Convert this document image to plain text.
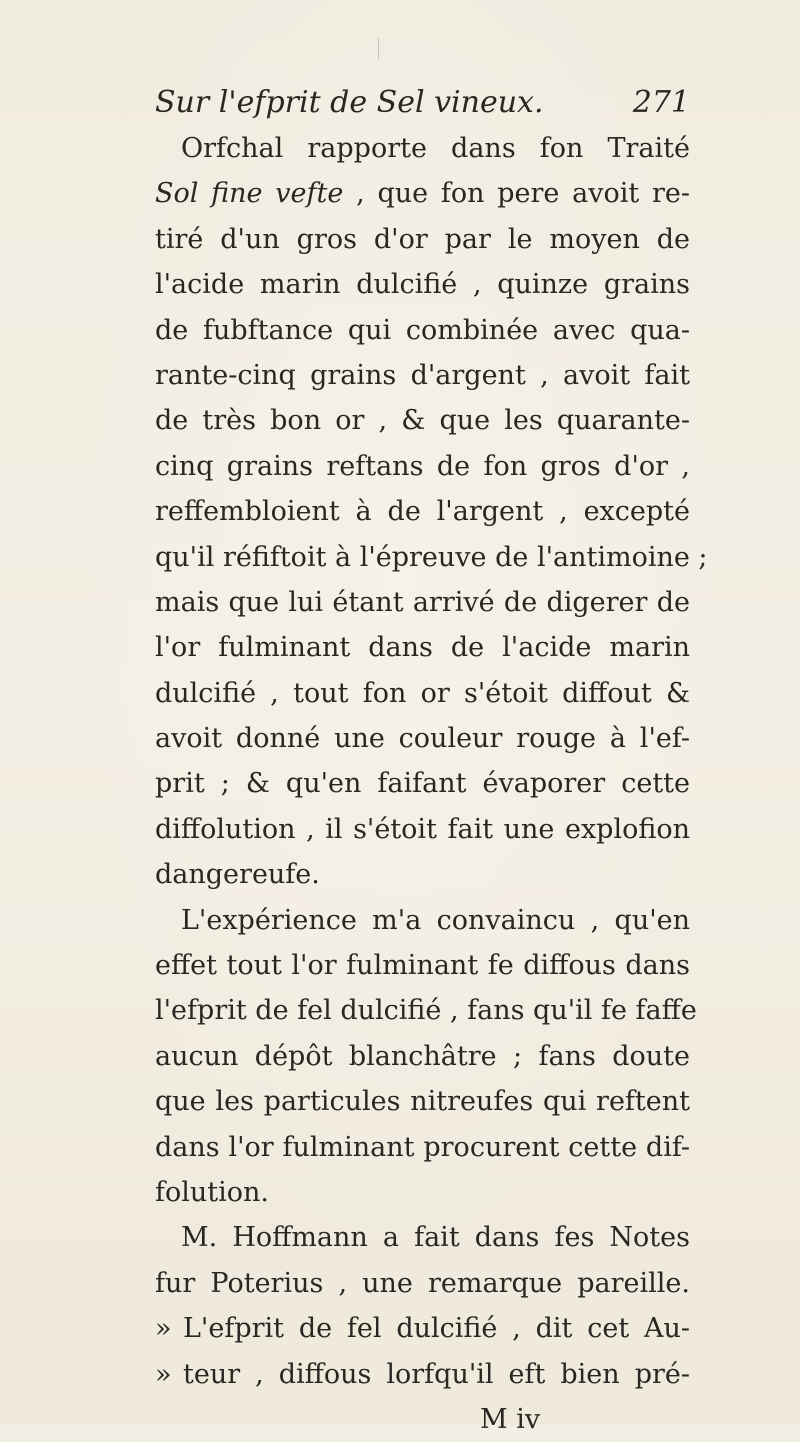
Sur l'efprit de Sel vineux.	271
Orfchal rapporte dans fon Traité
Sol fine vefte , que fon pere avoit re-
tiré d'un gros d'or par le moyen de
l'acide marin dulcifié , quinze grains
de fubftance qui combinée avec qua-
rante-cinq grains d'argent , avoit fait
de très bon or , & que les quarante-
cinq grains reftans de fon gros d'or ,
reffembloient à de l'argent , excepté
qu'il réfiftoit à l'épreuve de l'antimoine ;
mais que lui étant arrivé de digerer de
l'or fulminant dans de l'acide marin
dulcifié , tout fon or s'étoit diffout &
avoit donné une couleur rouge à l'ef-
prit ; & qu'en faifant évaporer cette
diffolution , il s'étoit fait une explofion
dangereufe.
L'expérience m'a convaincu , qu'en
effet tout l'or fulminant fe diffous dans
l'efprit de fel dulcifié , fans qu'il fe faffe
aucun dépôt blanchâtre ; fans doute
que les particules nitreufes qui reftent
dans l'or fulminant procurent cette dif-
folution.
M. Hoffmann a fait dans fes Notes
fur Poterius , une remarque pareille.
» L'efprit de fel dulcifié , dit cet Au-
» teur , diffous lorfqu'il eft bien pré-
M iv
